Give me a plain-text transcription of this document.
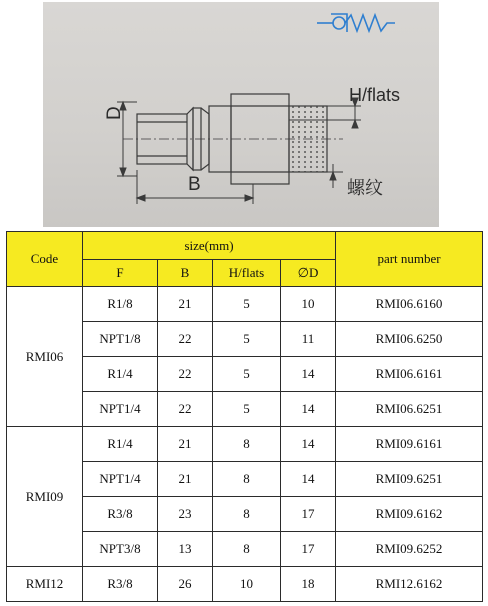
D
B
H/flats
螺纹
Code	size(mm)				part number
	F	B	H/flats	∅D	
RMI06	R1/8	21	5	10	RMI06.6160
	NPT1/8	22	5	11	RMI06.6250
	R1/4	22	5	14	RMI06.6161
	NPT1/4	22	5	14	RMI06.6251
RMI09	R1/4	21	8	14	RMI09.6161
	NPT1/4	21	8	14	RMI09.6251
	R3/8	23	8	17	RMI09.6162
	NPT3/8	13	8	17	RMI09.6252
RMI12	R3/8	26	10	18	RMI12.6162
